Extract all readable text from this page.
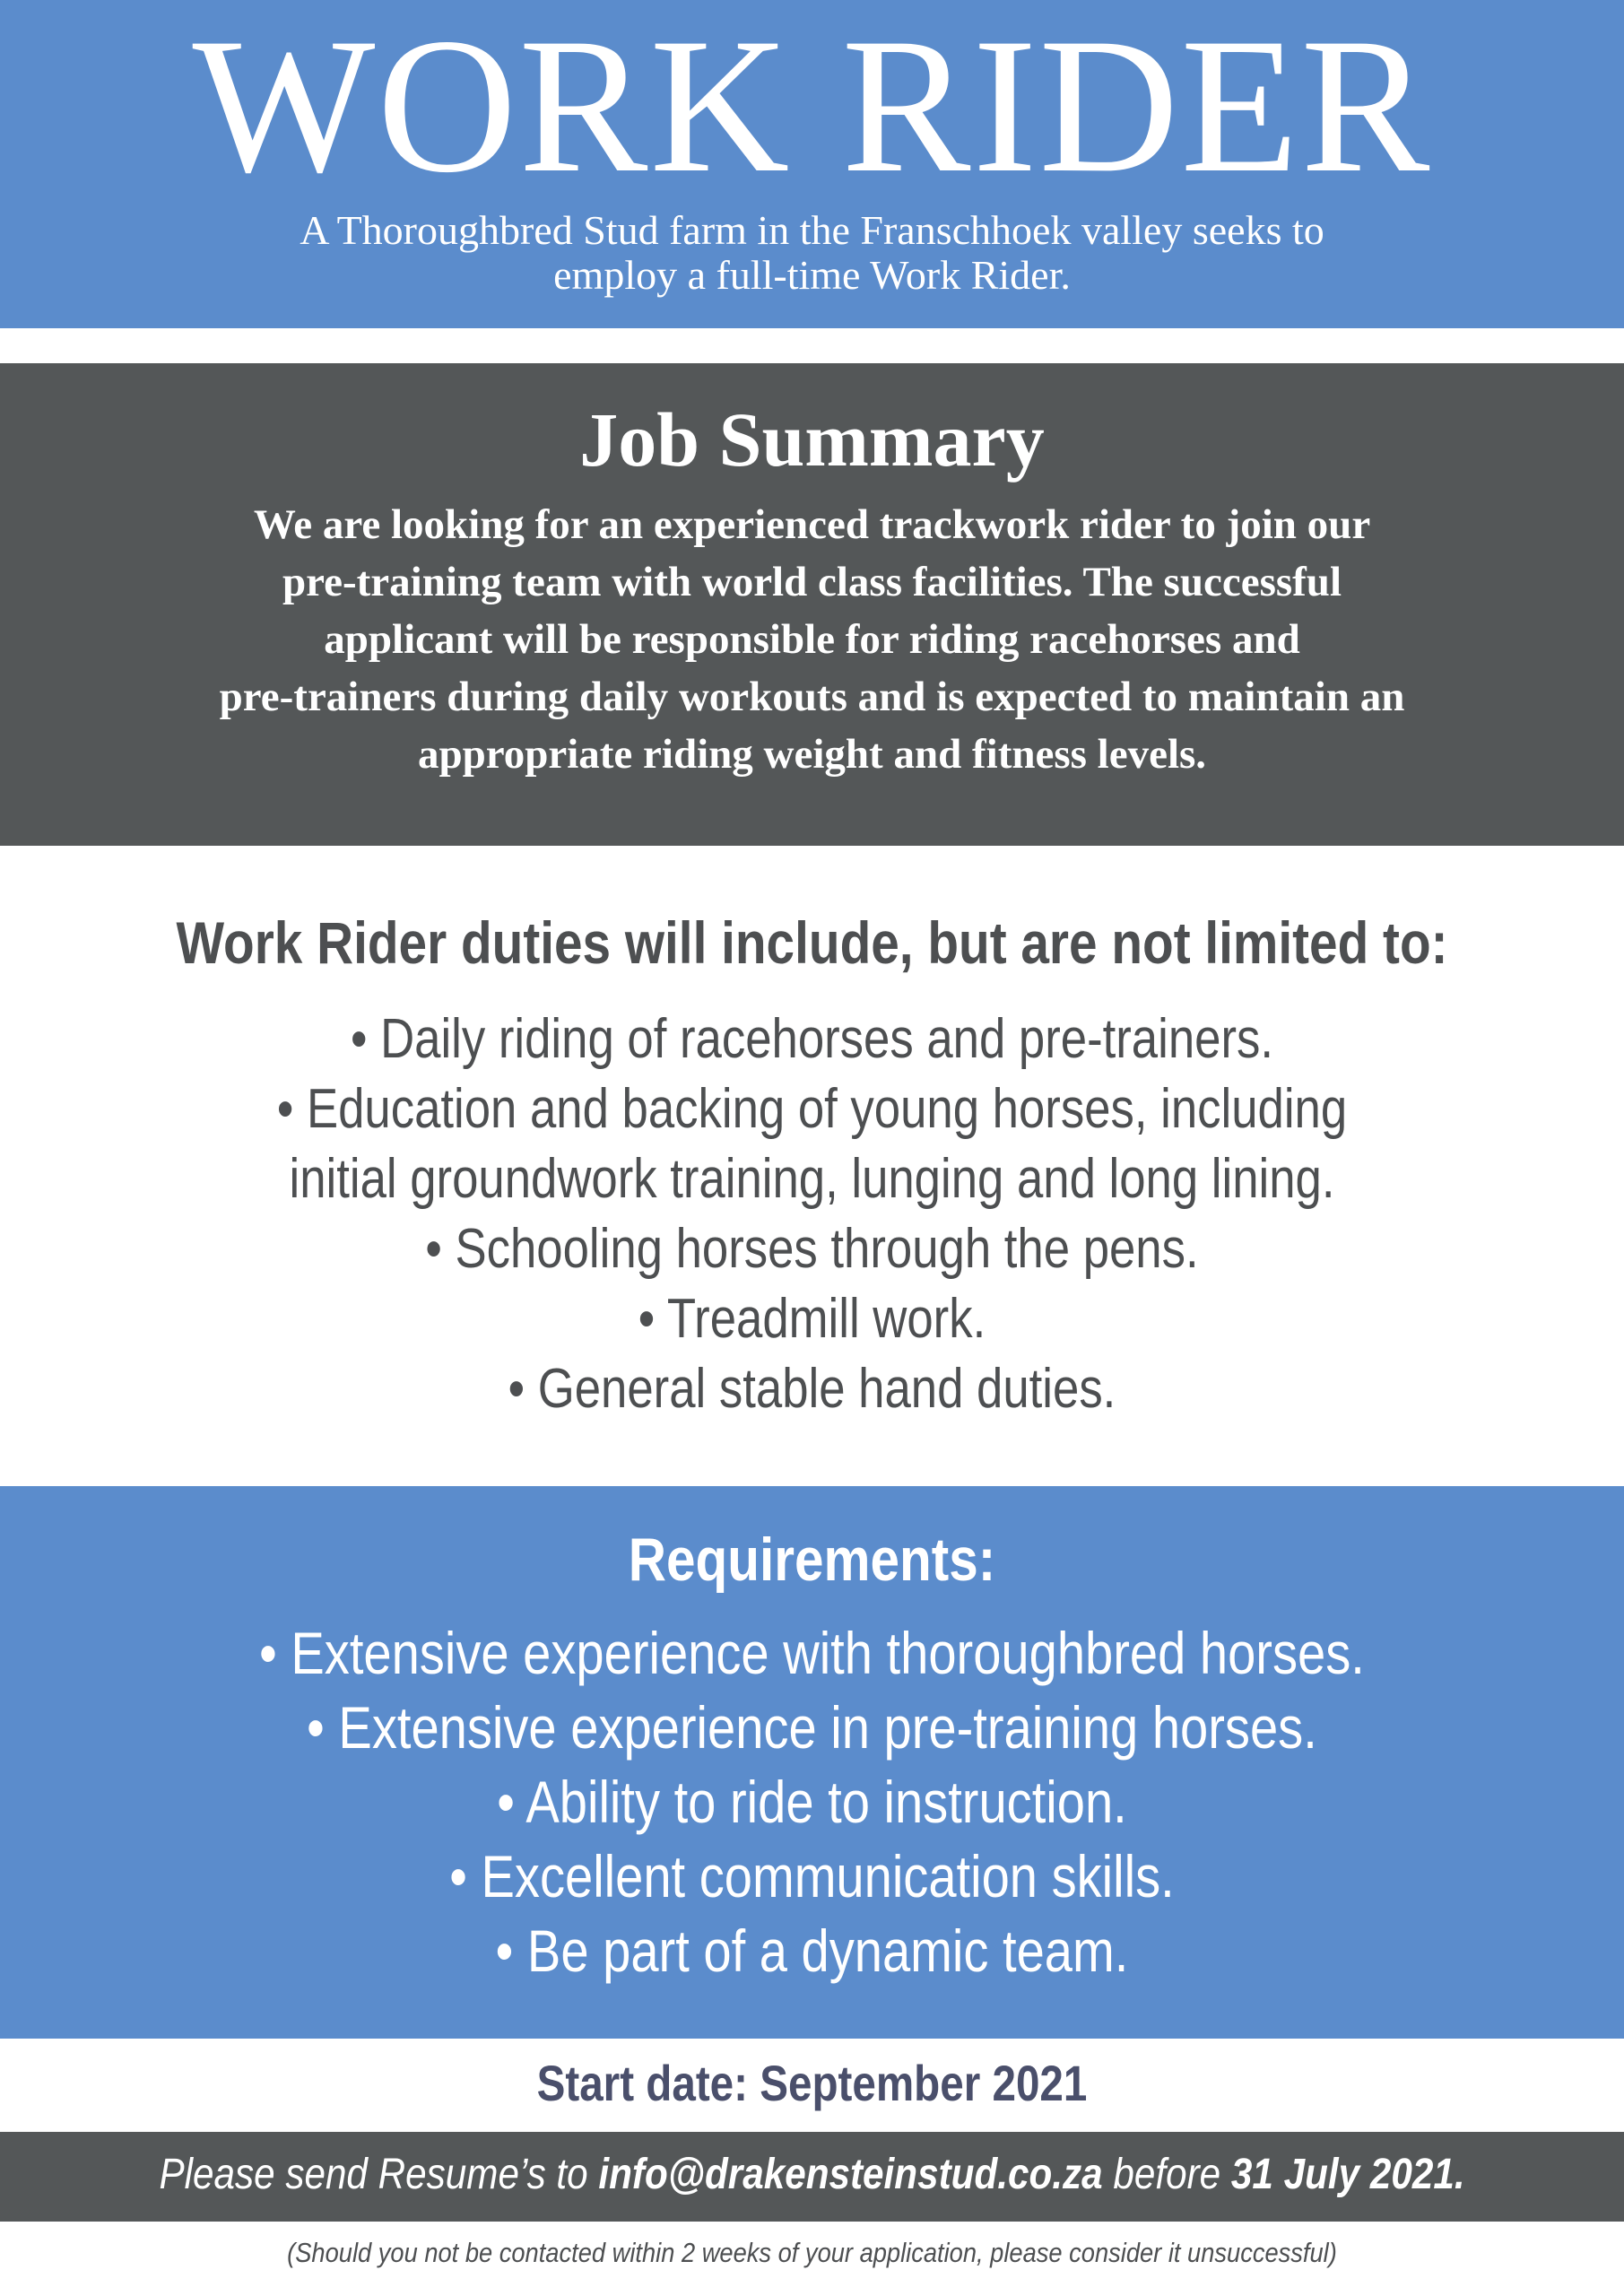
WORK RIDER

A Thoroughbred Stud farm in the Franschhoek valley seeks to
employ a full-time Work Rider.

Job Summary

We are looking for an experienced trackwork rider to join our
pre-training team with world class facilities. The successful
applicant will be responsible for riding racehorses and
pre-trainers during daily workouts and is expected to maintain an
appropriate riding weight and fitness levels.

Work Rider duties will include, but are not limited to:
• Daily riding of racehorses and pre-trainers.
• Education and backing of young horses, including
initial groundwork training, lunging and long lining.
• Schooling horses through the pens.
• Treadmill work.
• General stable hand duties.
Requirements:
• Extensive experience with thoroughbred horses.
• Extensive experience in pre-training horses.
• Ability to ride to instruction.
• Excellent communication skills.
• Be part of a dynamic team.

Start date: September 2021

Please send Resume’s to info@drakensteinstud.co.za before 31 July 2021.

(Should you not be contacted within 2 weeks of your application, please consider it unsuccessful)
